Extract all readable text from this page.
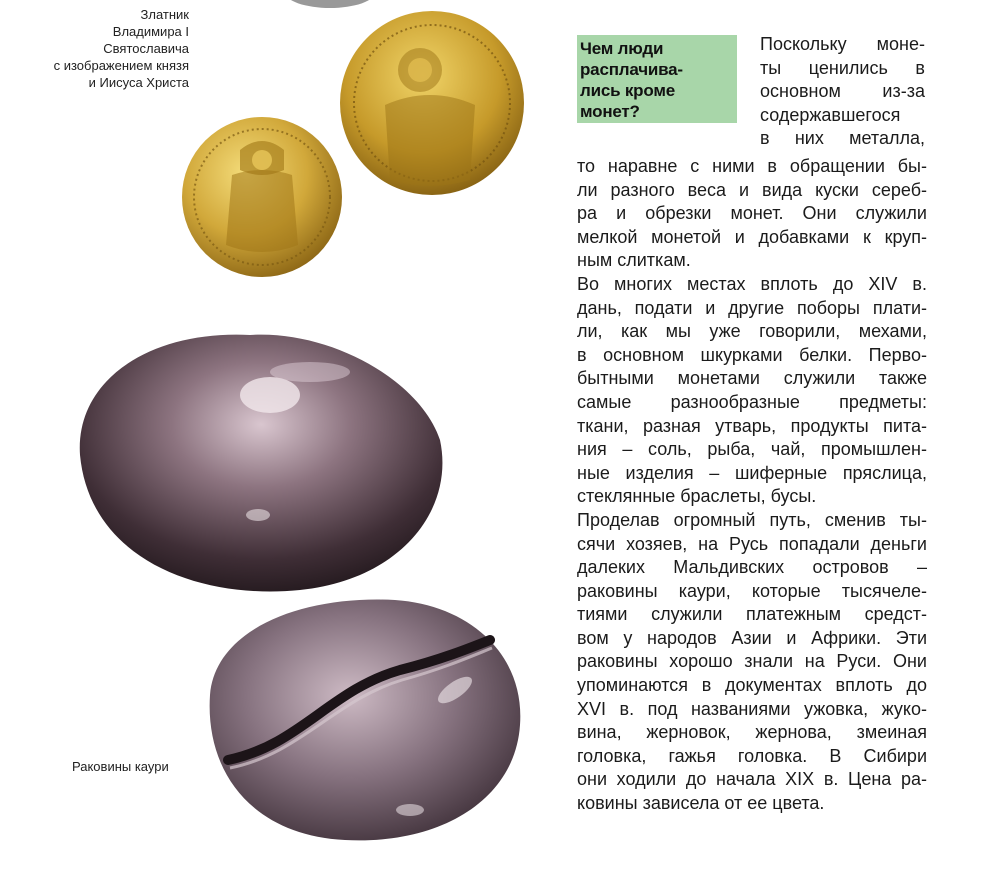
Златник
Владимира I
Святославича
с изображением князя
и Иисуса Христа
Раковины каури
Чем люди
расплачива-
лись кроме
монет?
Поскольку моне-
ты ценились в
основном из-за
содержавшегося
в них металла,
то наравне с ними в обращении бы-
ли разного веса и вида куски сереб-
ра и обрезки монет. Они служили
мелкой монетой и добавками к круп-
ным слиткам.
Во многих местах вплоть до XIV в.
дань, подати и другие поборы плати-
ли, как мы уже говорили, мехами,
в основном шкурками белки. Перво-
бытными монетами служили также
самые разнообразные предметы:
ткани, разная утварь, продукты пита-
ния – соль, рыба, чай, промышлен-
ные изделия – шиферные пряслица,
стеклянные браслеты, бусы.
Проделав огромный путь, сменив ты-
сячи хозяев, на Русь попадали деньги
далеких Мальдивских островов –
раковины каури, которые тысячеле-
тиями служили платежным средст-
вом у народов Азии и Африки. Эти
раковины хорошо знали на Руси. Они
упоминаются в документах вплоть до
XVI в. под названиями ужовка, жуко-
вина, жерновок, жернова, змеиная
головка, гажья головка. В Сибири
они ходили до начала XIX в. Цена ра-
ковины зависела от ее цвета.
